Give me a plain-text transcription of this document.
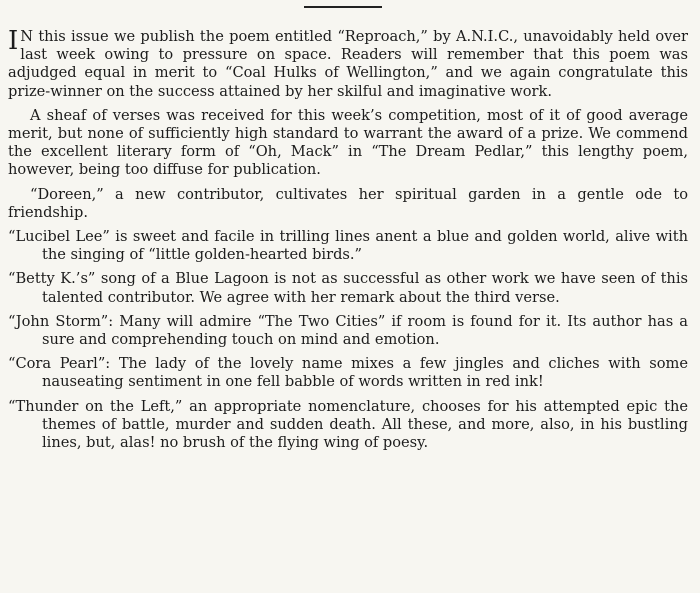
I N this issue we publish the poem entitled “Reproach,” by A.N.I.C., unavoidably held over last week owing to pressure on space. Readers will remember that this poem was adjudged equal in merit to “Coal Hulks of Wellington,” and we again congratulate this prize-winner on the success attained by her skilful and imaginative work.

A sheaf of verses was received for this week’s competition, most of it of good average merit, but none of sufficiently high standard to warrant the award of a prize. We commend the excellent literary form of “Oh, Mack” in “The Dream Pedlar,” this lengthy poem, however, being too diffuse for publication.

“Doreen,” a new contributor, cultivates her spiritual garden in a gentle ode to friendship.

“Lucibel Lee” is sweet and facile in trilling lines anent a blue and golden world, alive with the singing of “little golden-hearted birds.”

“Betty K.’s” song of a Blue Lagoon is not as successful as other work we have seen of this talented contributor. We agree with her remark about the third verse.

“John Storm”: Many will admire “The Two Cities” if room is found for it. Its author has a sure and comprehending touch on mind and emotion.

“Cora Pearl”: The lady of the lovely name mixes a few jingles and cliches with some nauseating sentiment in one fell babble of words written in red ink!

“Thunder on the Left,” an appropriate nomenclature, chooses for his attempted epic the themes of battle, murder and sudden death. All these, and more, also, in his bustling lines, but, alas! no brush of the flying wing of poesy.
